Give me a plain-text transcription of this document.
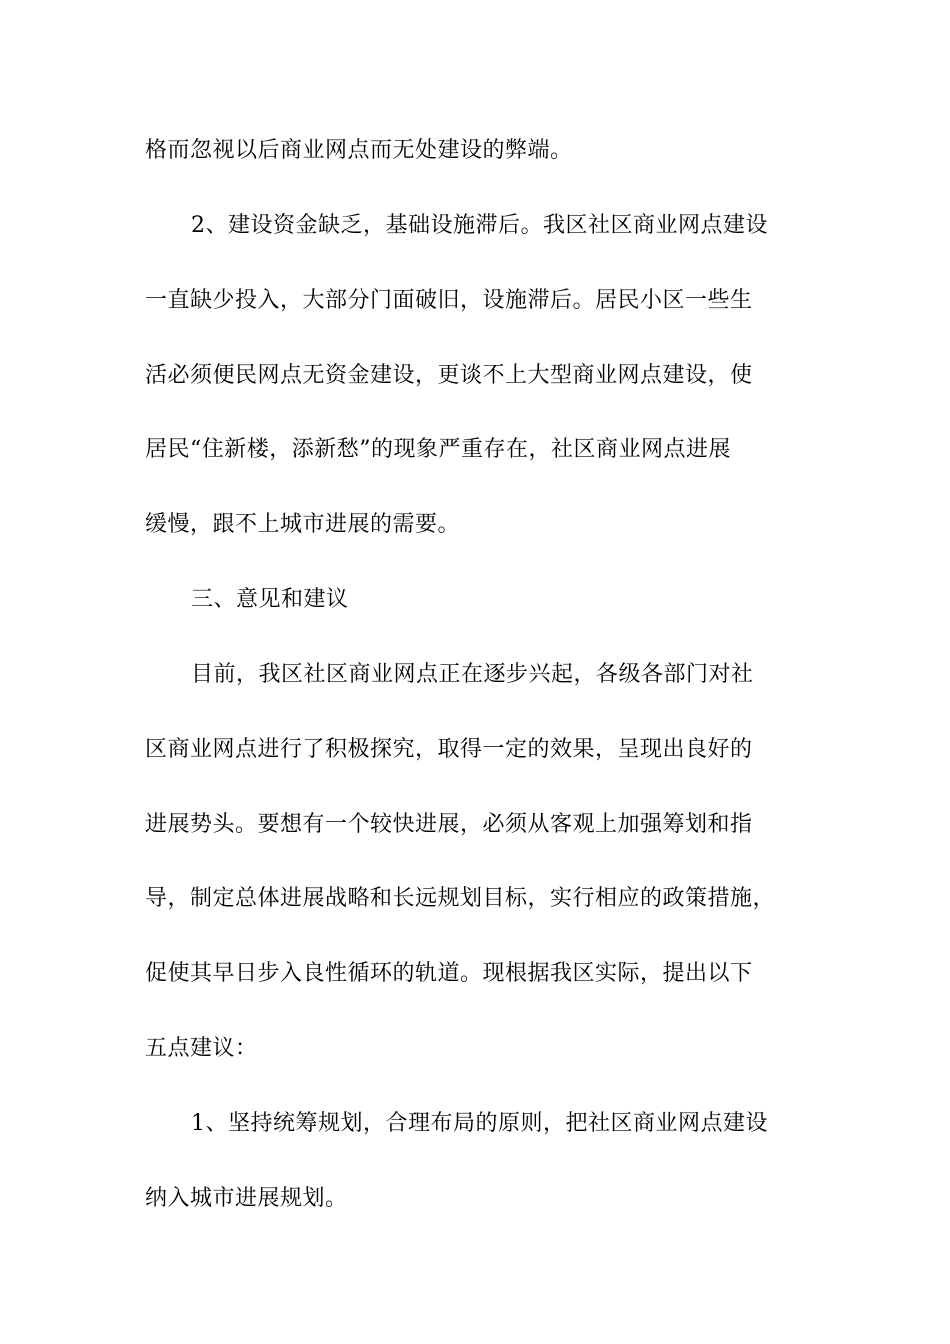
格而忽视以后商业网点而无处建设的弊端。
2、建设资金缺乏，基础设施滞后。我区社区商业网点建设
一直缺少投入，大部分门面破旧，设施滞后。居民小区一些生
活必须便民网点无资金建设，更谈不上大型商业网点建设，使
居民“住新楼，添新愁”的现象严重存在，社区商业网点进展
缓慢，跟不上城市进展的需要。
三、意见和建议
目前，我区社区商业网点正在逐步兴起，各级各部门对社
区商业网点进行了积极探究，取得一定的效果，呈现出良好的
进展势头。要想有一个较快进展，必须从客观上加强筹划和指
导，制定总体进展战略和长远规划目标，实行相应的政策措施，
促使其早日步入良性循环的轨道。现根据我区实际，提出以下
五点建议：
1、坚持统筹规划，合理布局的原则，把社区商业网点建设
纳入城市进展规划。
